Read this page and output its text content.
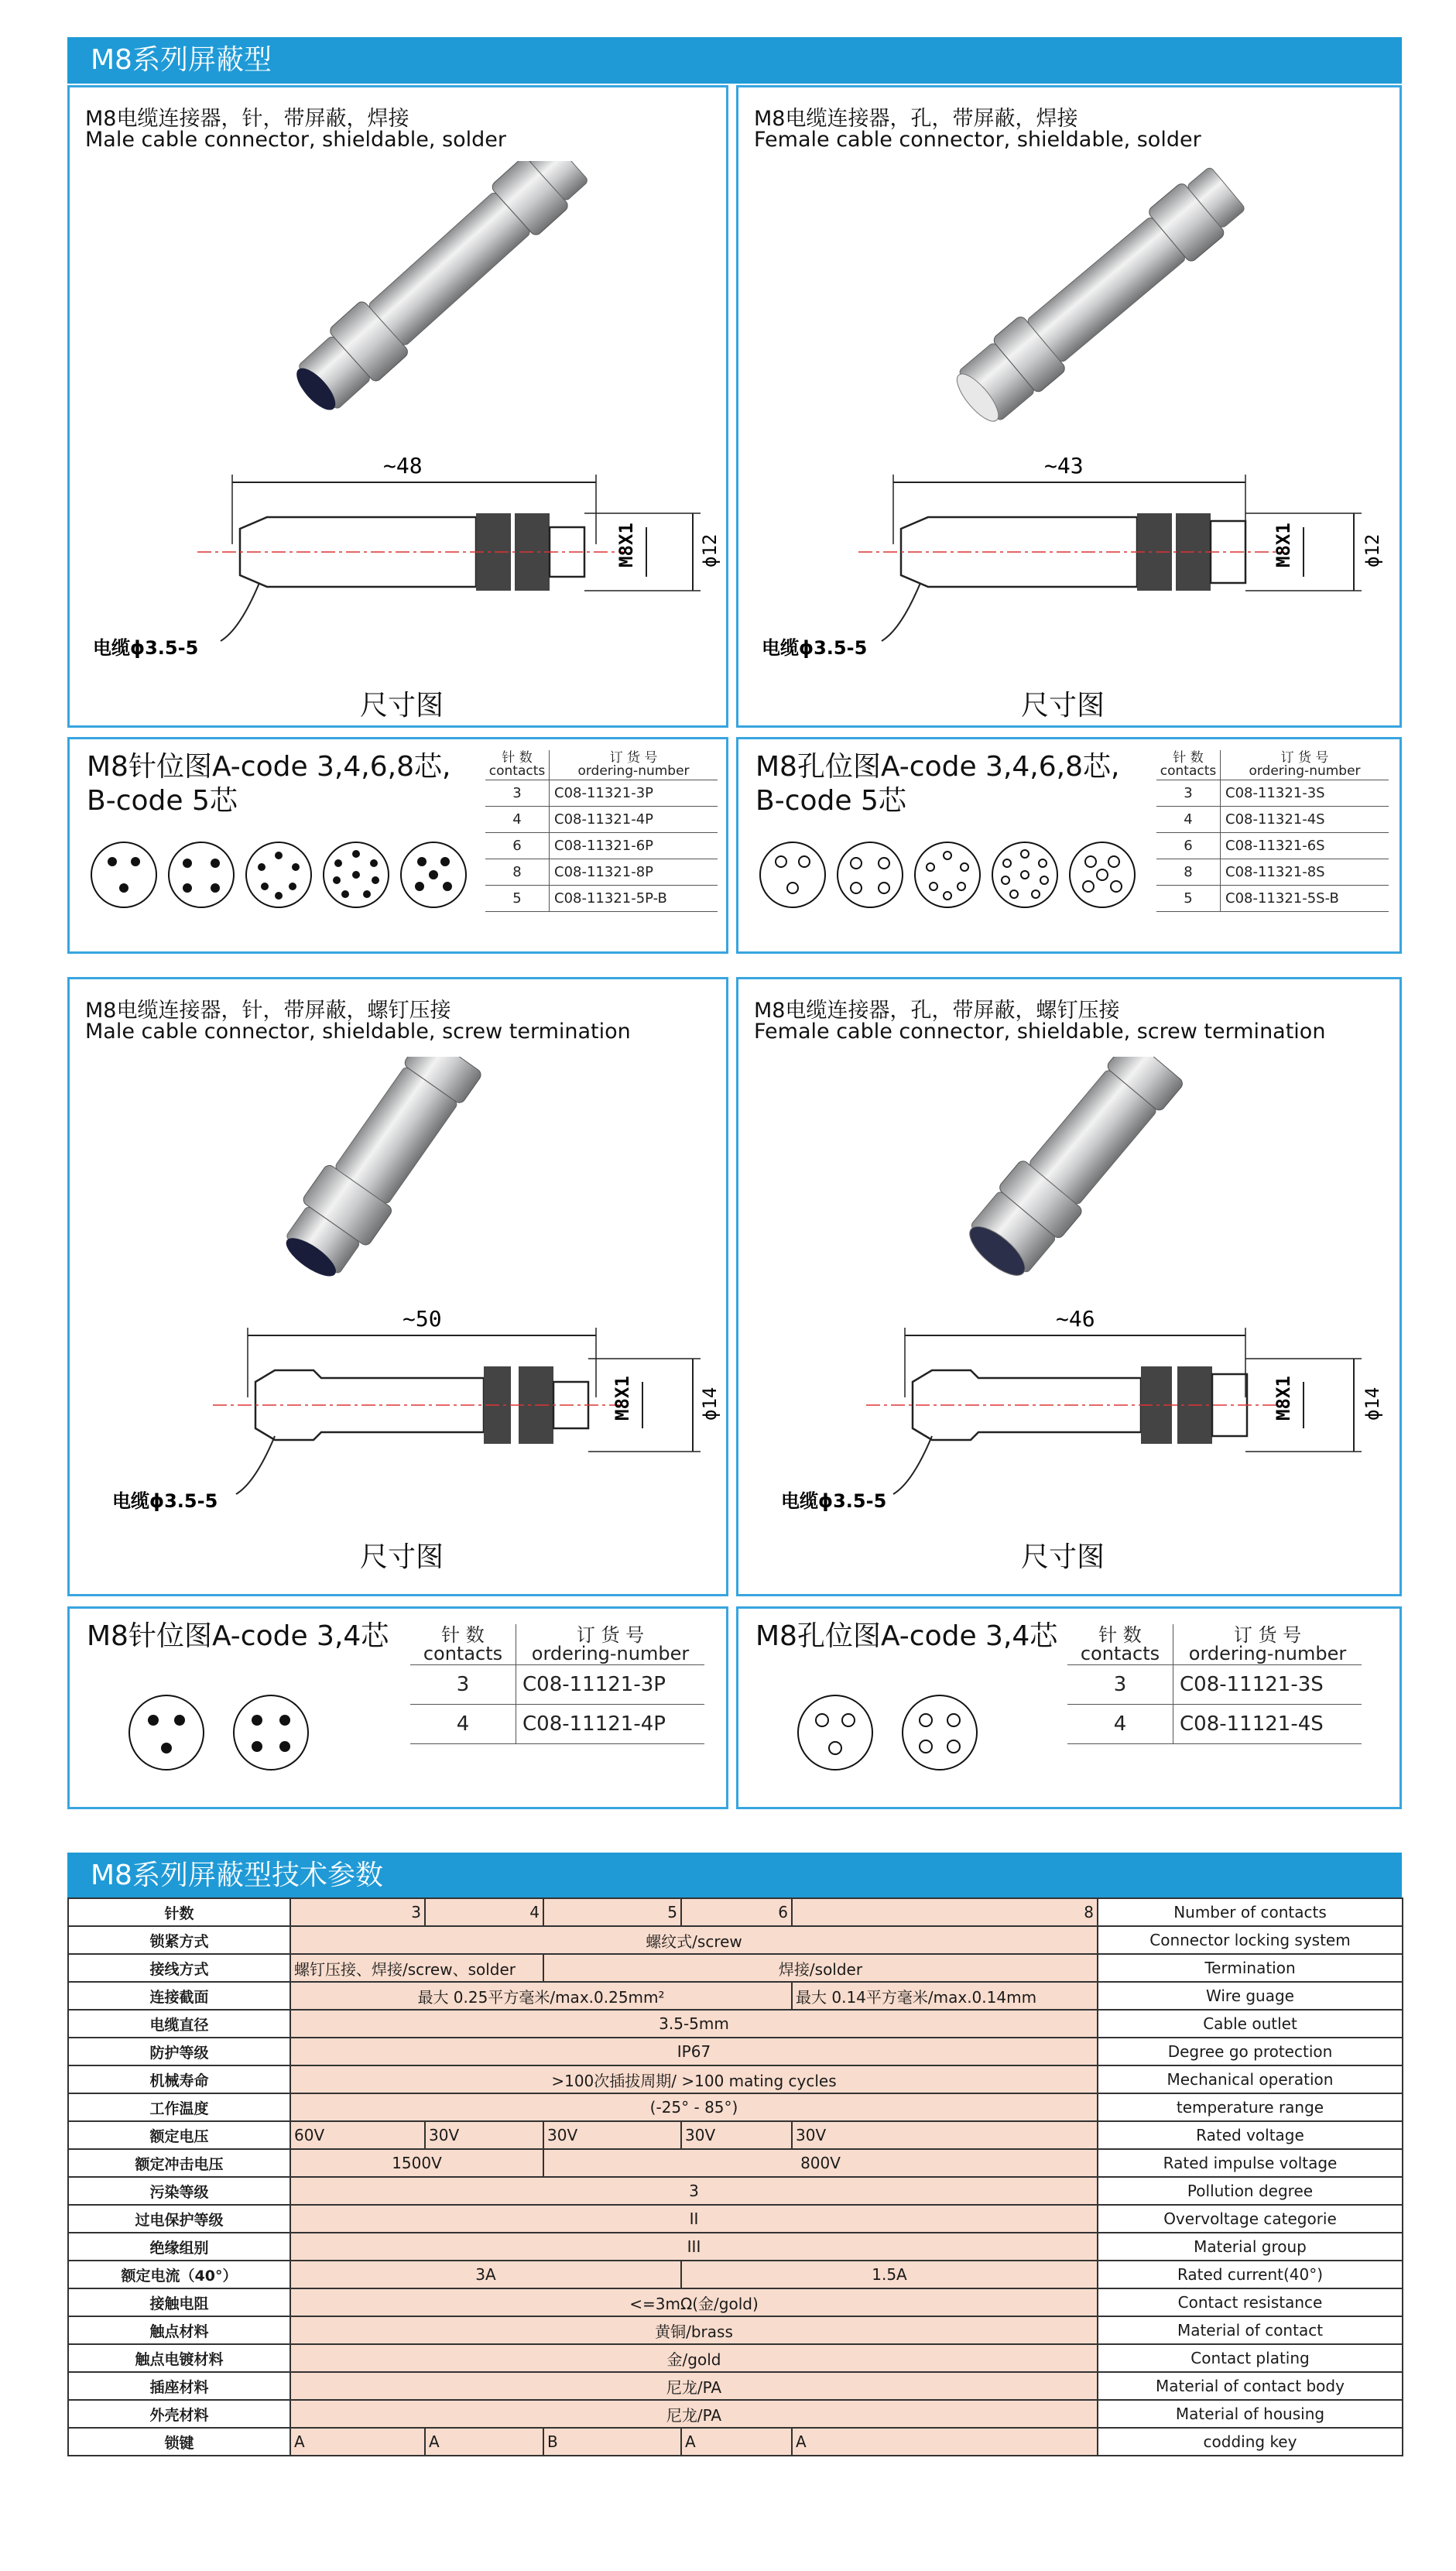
M8系列屏蔽型
M8电缆连接器，针，带屏蔽，焊接
Male cable connector, shieldable, solder
~48
M8X1	ϕ12
电缆ϕ3.5-5
尺寸图
M8电缆连接器，孔，带屏蔽，焊接
Female cable connector, shieldable, solder
~43
M8X1	ϕ12
电缆ϕ3.5-5
尺寸图
M8针位图A-code 3,4,6,8芯,
B-code 5芯
针 数
contacts	订 货 号
ordering-number
3	C08-11321-3P
4	C08-11321-4P
6	C08-11321-6P
8	C08-11321-8P
5	C08-11321-5P-B
M8孔位图A-code 3,4,6,8芯,
B-code 5芯
针 数
contacts	订 货 号
ordering-number
3	C08-11321-3S
4	C08-11321-4S
6	C08-11321-6S
8	C08-11321-8S
5	C08-11321-5S-B
M8电缆连接器，针，带屏蔽，螺钉压接
Male cable connector, shieldable, screw termination
~50
M8X1	ϕ14
电缆ϕ3.5-5
尺寸图
M8电缆连接器，孔，带屏蔽，螺钉压接
Female cable connector, shieldable, screw termination
~46
M8X1	ϕ14
电缆ϕ3.5-5
尺寸图
M8针位图A-code 3,4芯	针 数
contacts	订 货 号
ordering-number
3	C08-11121-3P
4	C08-11121-4P
M8孔位图A-code 3,4芯 针 数
contacts	订 货 号
ordering-number
3	C08-11121-3S
4	C08-11121-4S
M8系列屏蔽型技术参数
针数	3	4	5	6	8	Number of contacts
锁紧方式	螺纹式/screw					Connector locking system
接线方式	螺钉压接、焊接/screw、solder		焊接/solder			Termination
连接截面	最大 0.25平方毫米/max.0.25mm²				最大 0.14平方毫米/max.0.14mm	Wire guage
电缆直径	3.5-5mm					Cable outlet
防护等级	IP67					Degree go protection
机械寿命	>100次插拔周期/ >100 mating cycles					Mechanical operation
工作温度	(-25° - 85°)					temperature range
额定电压	60V	30V	30V	30V	30V	Rated voltage
额定冲击电压	1500V		800V			Rated impulse voltage
污染等级	3					Pollution degree
过电保护等级	II					Overvoltage categorie
绝缘组别	III					Material group
额定电流（40°）	3A			1.5A		Rated current(40°)
接触电阻	<=3mΩ(金/gold)					Contact resistance
触点材料	黄铜/brass					Material of contact
触点电镀材料	金/gold					Contact plating
插座材料	尼龙/PA					Material of contact body
外壳材料	尼龙/PA					Material of housing
锁键	A	A	B	A	A	codding key
